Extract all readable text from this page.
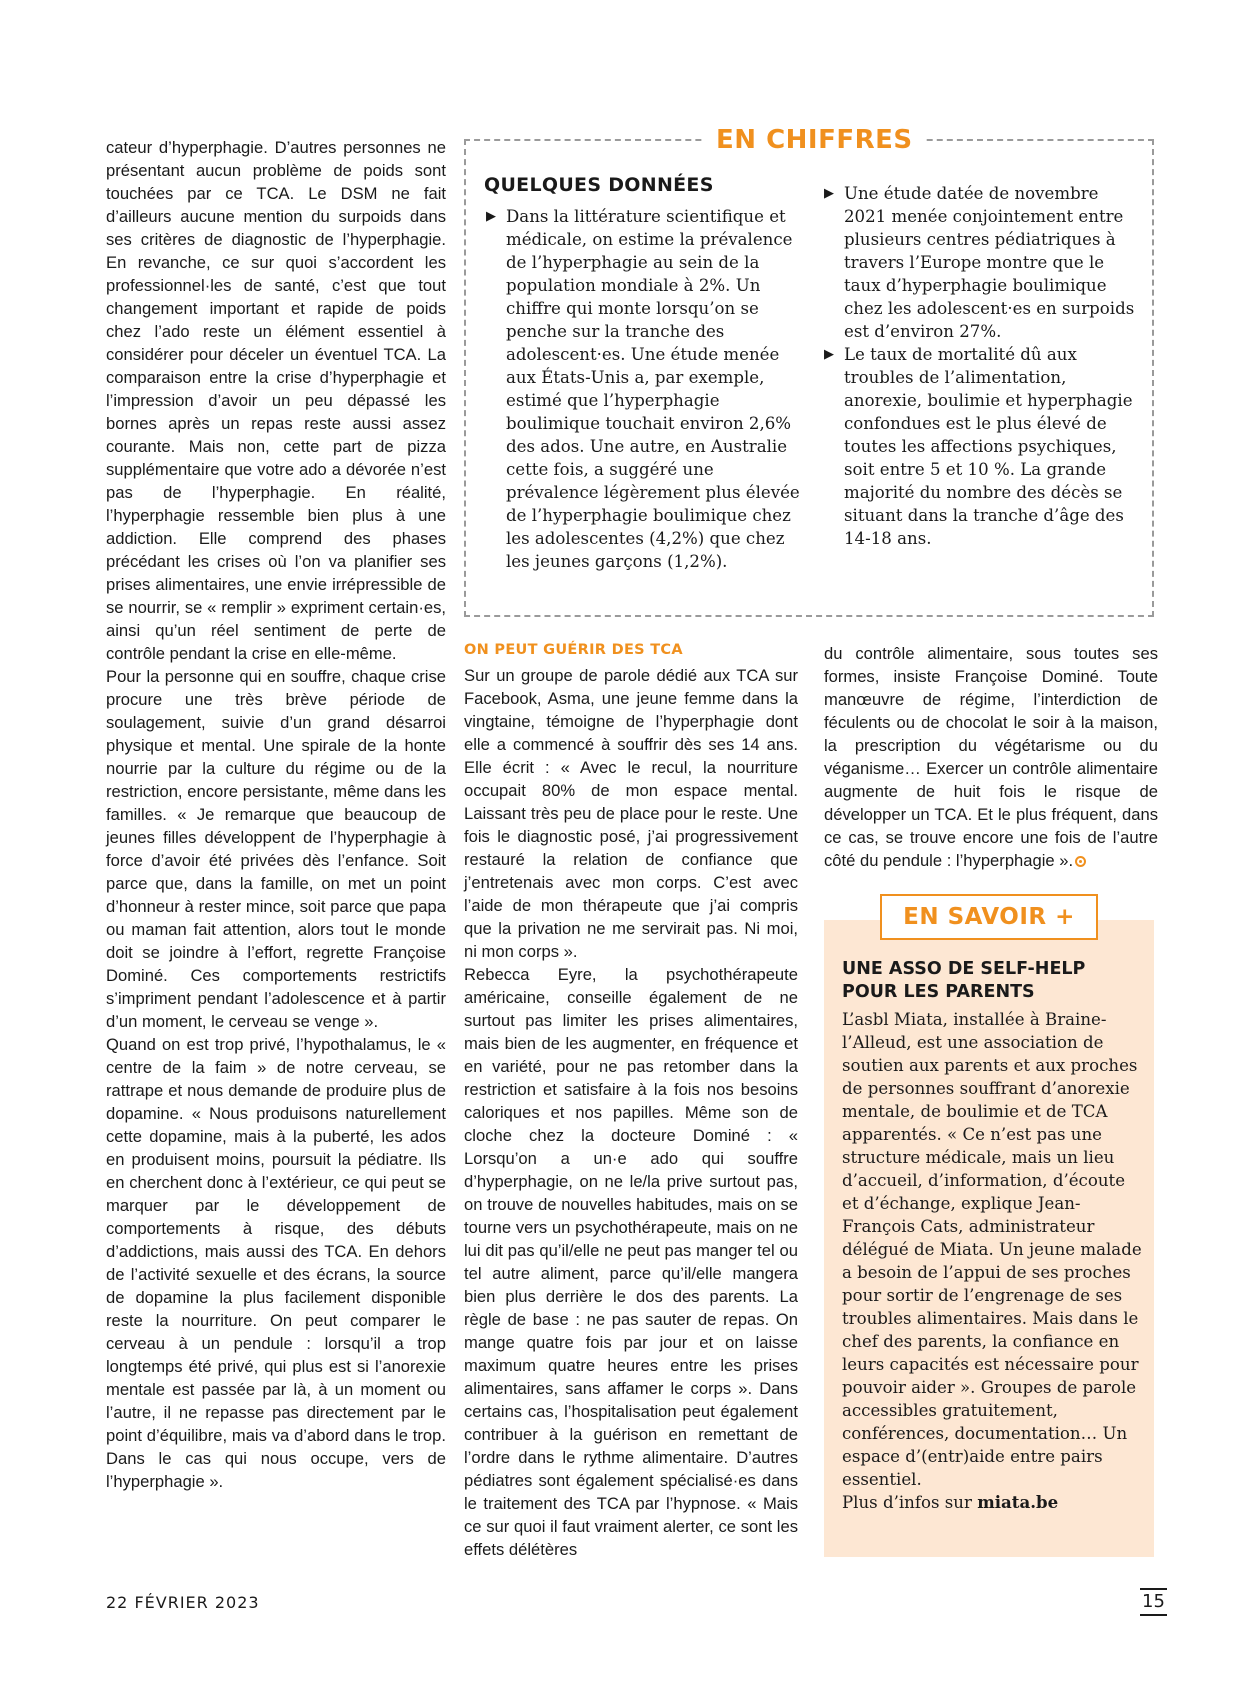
cateur d’hyperphagie. D’autres personnes ne présentant aucun problème de poids sont touchées par ce TCA. Le DSM ne fait d’ailleurs aucune mention du surpoids dans ses critères de diagnostic de l’hyperphagie. En revanche, ce sur quoi s’accordent les professionnel·les de santé, c’est que tout changement important et rapide de poids chez l’ado reste un élément essentiel à considérer pour déceler un éventuel TCA. La comparaison entre la crise d’hyperphagie et l’impression d’avoir un peu dépassé les bornes après un repas reste aussi assez courante. Mais non, cette part de pizza supplémentaire que votre ado a dévorée n’est pas de l’hyperphagie. En réalité, l’hyperphagie ressemble bien plus à une addiction. Elle comprend des phases précédant les crises où l’on va planifier ses prises alimentaires, une envie irrépressible de se nourrir, se « remplir » expriment certain·es, ainsi qu’un réel sentiment de perte de contrôle pendant la crise en elle-même.

Pour la personne qui en souffre, chaque crise procure une très brève période de soulagement, suivie d’un grand désarroi physique et mental. Une spirale de la honte nourrie par la culture du régime ou de la restriction, encore persistante, même dans les familles. « Je remarque que beaucoup de jeunes filles développent de l’hyperphagie à force d’avoir été privées dès l’enfance. Soit parce que, dans la famille, on met un point d’honneur à rester mince, soit parce que papa ou maman fait attention, alors tout le monde doit se joindre à l’effort, regrette Françoise Dominé. Ces comportements restrictifs s’impriment pendant l’adolescence et à partir d’un moment, le cerveau se venge ».

Quand on est trop privé, l’hypothalamus, le « centre de la faim » de notre cerveau, se rattrape et nous demande de produire plus de dopamine. « Nous produisons naturellement cette dopamine, mais à la puberté, les ados en produisent moins, poursuit la pédiatre. Ils en cherchent donc à l’extérieur, ce qui peut se marquer par le développement de comportements à risque, des débuts d’addictions, mais aussi des TCA. En dehors de l’activité sexuelle et des écrans, la source de dopamine la plus facilement disponible reste la nourriture. On peut comparer le cerveau à un pendule : lorsqu’il a trop longtemps été privé, qui plus est si l’anorexie mentale est passée par là, à un moment ou l’autre, il ne repasse pas directement par le point d’équilibre, mais va d’abord dans le trop. Dans le cas qui nous occupe, vers de l’hyperphagie ».

EN CHIFFRES
QUELQUES DONNÉES
▶ Dans la littérature scientifique et médicale, on estime la prévalence de l’hyperphagie au sein de la population mondiale à 2%. Un chiffre qui monte lorsqu’on se penche sur la tranche des adolescent·es. Une étude menée aux États-Unis a, par exemple, estimé que l’hyperphagie boulimique touchait environ 2,6% des ados. Une autre, en Australie cette fois, a suggéré une prévalence légèrement plus élevée de l’hyperphagie boulimique chez les adolescentes (4,2%) que chez les jeunes garçons (1,2%).
▶ Une étude datée de novembre 2021 menée conjointement entre plusieurs centres pédiatriques à travers l’Europe montre que le taux d’hyperphagie boulimique chez les adolescent·es en surpoids est d’environ 27%.
▶ Le taux de mortalité dû aux troubles de l’alimentation, anorexie, boulimie et hyperphagie confondues est le plus élevé de toutes les affections psychiques, soit entre 5 et 10 %. La grande majorité du nombre des décès se situant dans la tranche d’âge des 14-18 ans.
ON PEUT GUÉRIR DES TCA

Sur un groupe de parole dédié aux TCA sur Facebook, Asma, une jeune femme dans la vingtaine, témoigne de l’hyperphagie dont elle a commencé à souffrir dès ses 14 ans. Elle écrit : « Avec le recul, la nourriture occupait 80% de mon espace mental. Laissant très peu de place pour le reste. Une fois le diagnostic posé, j’ai progressivement restauré la relation de confiance que j’entretenais avec mon corps. C’est avec l’aide de mon thérapeute que j’ai compris que la privation ne me servirait pas. Ni moi, ni mon corps ».

Rebecca Eyre, la psychothérapeute américaine, conseille également de ne surtout pas limiter les prises alimentaires, mais bien de les augmenter, en fréquence et en variété, pour ne pas retomber dans la restriction et satisfaire à la fois nos besoins caloriques et nos papilles. Même son de cloche chez la docteure Dominé : « Lorsqu’on a un·e ado qui souffre d’hyperphagie, on ne le/la prive surtout pas, on trouve de nouvelles habitudes, mais on se tourne vers un psychothérapeute, mais on ne lui dit pas qu’il/elle ne peut pas manger tel ou tel autre aliment, parce qu’il/elle mangera bien plus derrière le dos des parents. La règle de base : ne pas sauter de repas. On mange quatre fois par jour et on laisse maximum quatre heures entre les prises alimentaires, sans affamer le corps ». Dans certains cas, l’hospitalisation peut également contribuer à la guérison en remettant de l’ordre dans le rythme alimentaire. D’autres pédiatres sont également spécialisé·es dans le traitement des TCA par l’hypnose. « Mais ce sur quoi il faut vraiment alerter, ce sont les effets délétères

du contrôle alimentaire, sous toutes ses formes, insiste Françoise Dominé. Toute manœuvre de régime, l’interdiction de féculents ou de chocolat le soir à la maison, la prescription du végétarisme ou du véganisme… Exercer un contrôle alimentaire augmente de huit fois le risque de développer un TCA. Et le plus fréquent, dans ce cas, se trouve encore une fois de l’autre côté du pendule : l’hyperphagie ».

EN SAVOIR +
UNE ASSO DE SELF-HELP POUR LES PARENTS

L’asbl Miata, installée à Braine-l’Alleud, est une association de soutien aux parents et aux proches de personnes souffrant d’anorexie mentale, de boulimie et de TCA apparentés. « Ce n’est pas une structure médicale, mais un lieu d’accueil, d’information, d’écoute et d’échange, explique Jean-François Cats, administrateur délégué de Miata. Un jeune malade a besoin de l’appui de ses proches pour sortir de l’engrenage de ses troubles alimentaires. Mais dans le chef des parents, la confiance en leurs capacités est nécessaire pour pouvoir aider ». Groupes de parole accessibles gratuitement, conférences, documentation… Un espace d’(entr)aide entre pairs essentiel.
Plus d’infos sur miata.be

22 FÉVRIER 2023	15
